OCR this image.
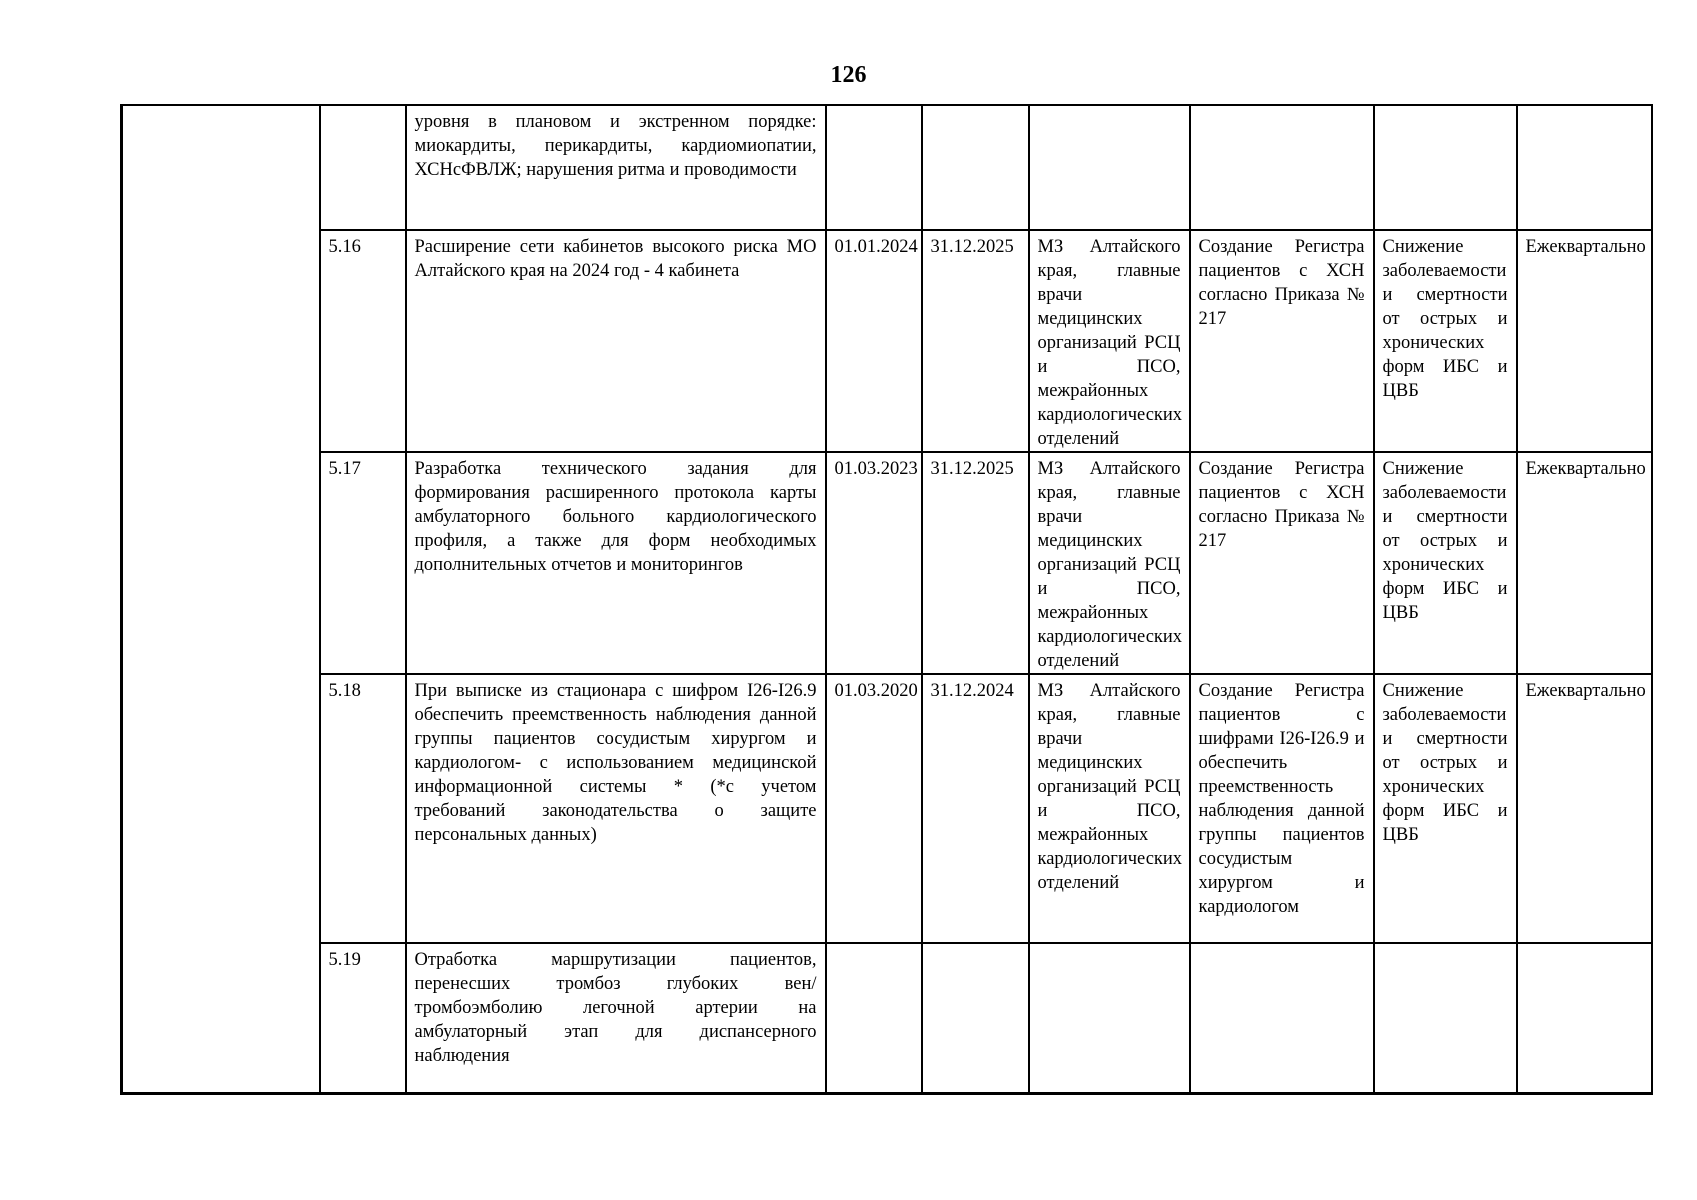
126
		уровня в плановом и экстренном порядке: миокардиты, перикардиты, кардиомиопатии, ХСНсФВЛЖ; нарушения ритма и проводимости						
	5.16	Расширение сети кабинетов высокого риска МО Алтайского края на 2024 год - 4 кабинета	01.01.2024	31.12.2025	МЗ Алтайского края, главные врачи медицинских организаций РСЦ и ПСО, межрайонных кардиологических отделений	Создание Регистра пациентов с ХСН согласно Приказа № 217	Снижение заболеваемости и смертности от острых и хронических форм ИБС и ЦВБ	Ежеквартально
	5.17	Разработка технического задания для формирования расширенного протокола карты амбулаторного больного кардиологического профиля, а также для форм необходимых дополнительных отчетов и мониторингов	01.03.2023	31.12.2025	МЗ Алтайского края, главные врачи медицинских организаций РСЦ и ПСО, межрайонных кардиологических отделений	Создание Регистра пациентов с ХСН согласно Приказа № 217	Снижение заболеваемости и смертности от острых и хронических форм ИБС и ЦВБ	Ежеквартально
	5.18	При выписке из стационара с шифром I26-I26.9 обеспечить преемственность наблюдения данной группы пациентов сосудистым хирургом и кардиологом- с использованием медицинской информационной системы * (*с учетом требований законодательства о защите персональных данных)	01.03.2020	31.12.2024	МЗ Алтайского края, главные врачи медицинских организаций РСЦ и ПСО, межрайонных кардиологических отделений	Создание Регистра пациентов с шифрами I26-I26.9 и обеспечить преемственность наблюдения данной группы пациентов сосудистым хирургом и кардиологом	Снижение заболеваемости и смертности от острых и хронических форм ИБС и ЦВБ	Ежеквартально
	5.19	Отработка маршрутизации пациентов, перенесших тромбоз глубоких вен/тромбоэмболию легочной артерии на амбулаторный этап для диспансерного наблюдения						
